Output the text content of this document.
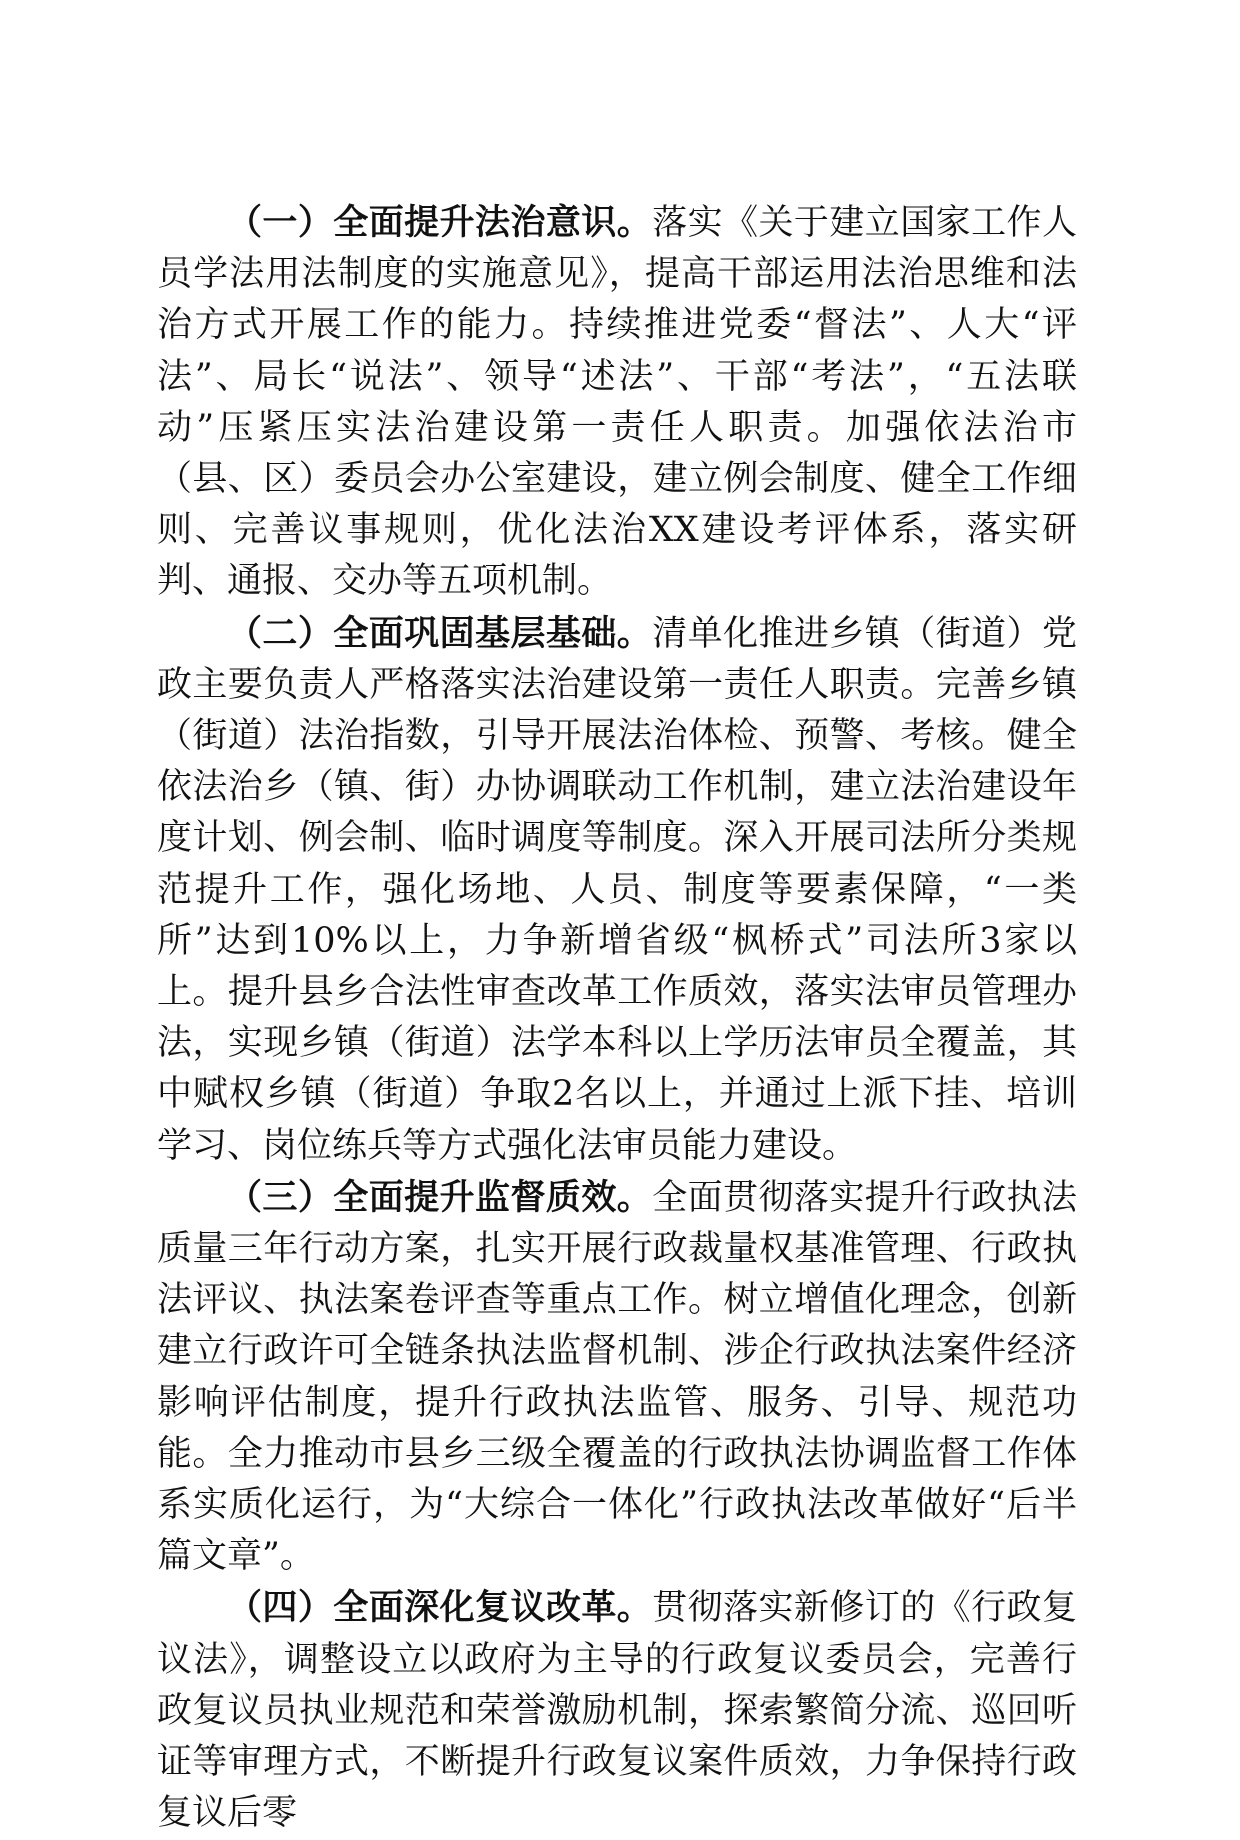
（一）全面提升法治意识。落实《关于建立国家工作人员学法用法制度的实施意见》，提高干部运用法治思维和法治方式开展工作的能力。持续推进党委“督法”、人大“评法”、局长“说法”、领导“述法”、干部“考法”，“五法联动”压紧压实法治建设第一责任人职责。加强依法治市（县、区）委员会办公室建设，建立例会制度、健全工作细则、完善议事规则，优化法治XX建设考评体系，落实研判、通报、交办等五项机制。

（二）全面巩固基层基础。清单化推进乡镇（街道）党政主要负责人严格落实法治建设第一责任人职责。完善乡镇（街道）法治指数，引导开展法治体检、预警、考核。健全依法治乡（镇、街）办协调联动工作机制，建立法治建设年度计划、例会制、临时调度等制度。深入开展司法所分类规范提升工作，强化场地、人员、制度等要素保障，“一类所”达到10%以上，力争新增省级“枫桥式”司法所3家以上。提升县乡合法性审查改革工作质效，落实法审员管理办法，实现乡镇（街道）法学本科以上学历法审员全覆盖，其中赋权乡镇（街道）争取2名以上，并通过上派下挂、培训学习、岗位练兵等方式强化法审员能力建设。

（三）全面提升监督质效。全面贯彻落实提升行政执法质量三年行动方案，扎实开展行政裁量权基准管理、行政执法评议、执法案卷评查等重点工作。树立增值化理念，创新建立行政许可全链条执法监督机制、涉企行政执法案件经济影响评估制度，提升行政执法监管、服务、引导、规范功能。全力推动市县乡三级全覆盖的行政执法协调监督工作体系实质化运行，为“大综合一体化”行政执法改革做好“后半篇文章”。

（四）全面深化复议改革。贯彻落实新修订的《行政复议法》，调整设立以政府为主导的行政复议委员会，完善行政复议员执业规范和荣誉激励机制，探索繁简分流、巡回听证等审理方式，不断提升行政复议案件质效，力争保持行政复议后零
